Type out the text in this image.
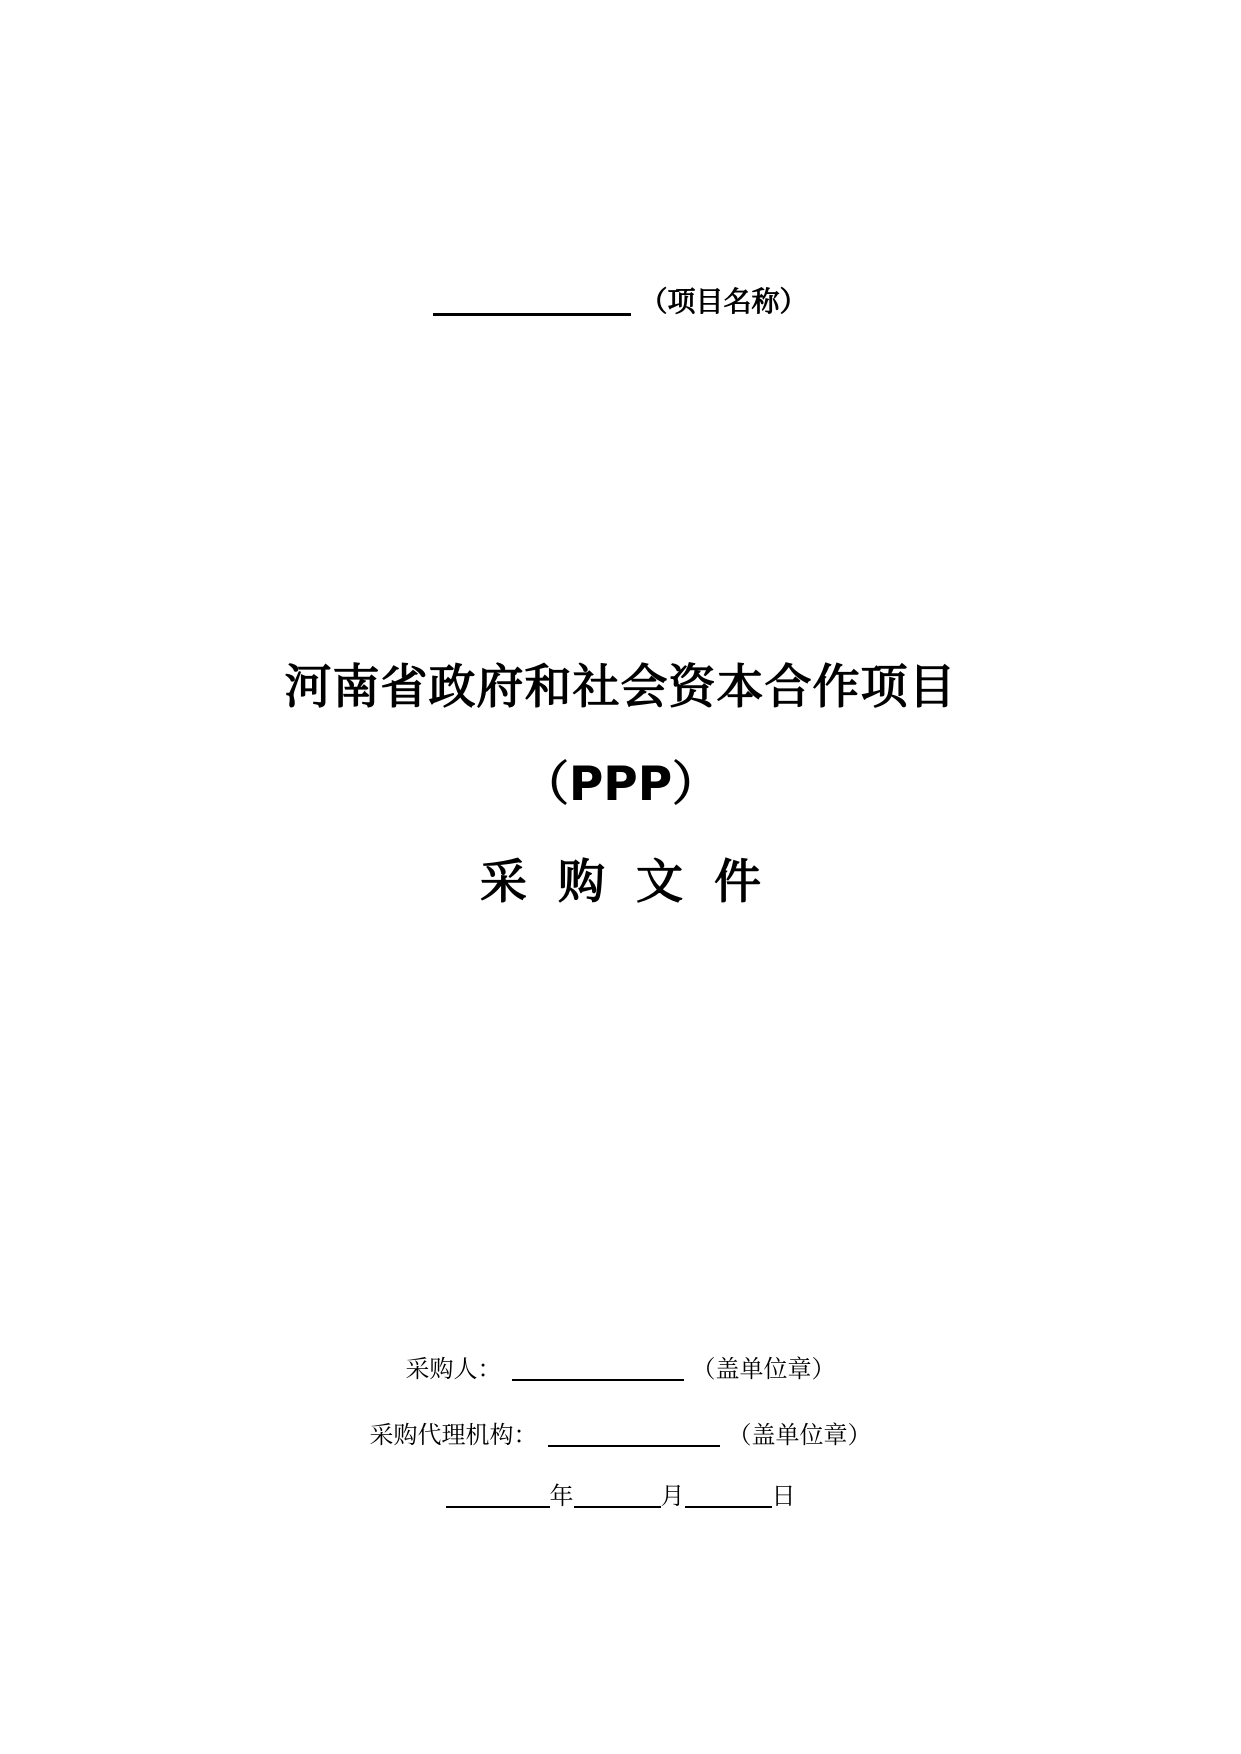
（项目名称）
河南省政府和社会资本合作项目
（PPP）
采购文件
采购人：	（盖单位章）
采购代理机构：	（盖单位章）
年	月	日
